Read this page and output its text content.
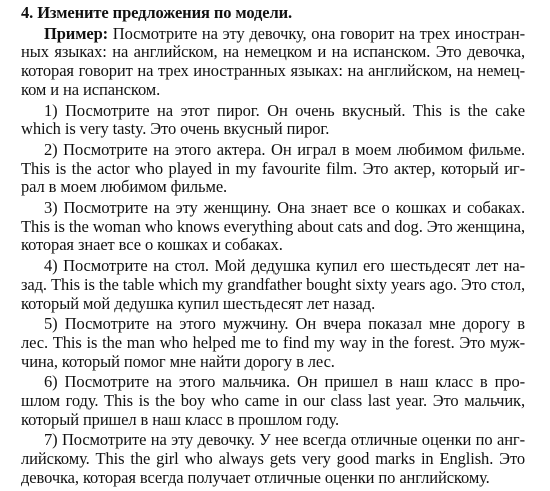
4. Измените предложения по модели.
Пример: Посмотрите на эту девочку, она говорит на трех иностран-
ных языках: на английском, на немецком и на испанском. Это девочка,
которая говорит на трех иностранных языках: на английском, на немец-
ком и на испанском.
1) Посмотрите на этот пирог. Он очень вкусный. This is the cake
which is very tasty. Это очень вкусный пирог.
2) Посмотрите на этого актера. Он играл в моем любимом фильме.
This is the actor who played in my favourite film. Это актер, который иг-
рал в моем любимом фильме.
3) Посмотрите на эту женщину. Она знает все о кошках и собаках.
This is the woman who knows everything about cats and dog. Это женщина,
которая знает все о кошках и собаках.
4) Посмотрите на стол. Мой дедушка купил его шестьдесят лет на-
зад. This is the table which my grandfather bought sixty years ago. Это стол,
который мой дедушка купил шестьдесят лет назад.
5) Посмотрите на этого мужчину. Он вчера показал мне дорогу в
лес. This is the man who helped me to find my way in the forest. Это муж-
чина, который помог мне найти дорогу в лес.
6) Посмотрите на этого мальчика. Он пришел в наш класс в про-
шлом году. This is the boy who came in our class last year. Это мальчик,
который пришел в наш класс в прошлом году.
7) Посмотрите на эту девочку. У нее всегда отличные оценки по анг-
лийскому. This the girl who always gets very good marks in English. Это
девочка, которая всегда получает отличные оценки по английскому.
